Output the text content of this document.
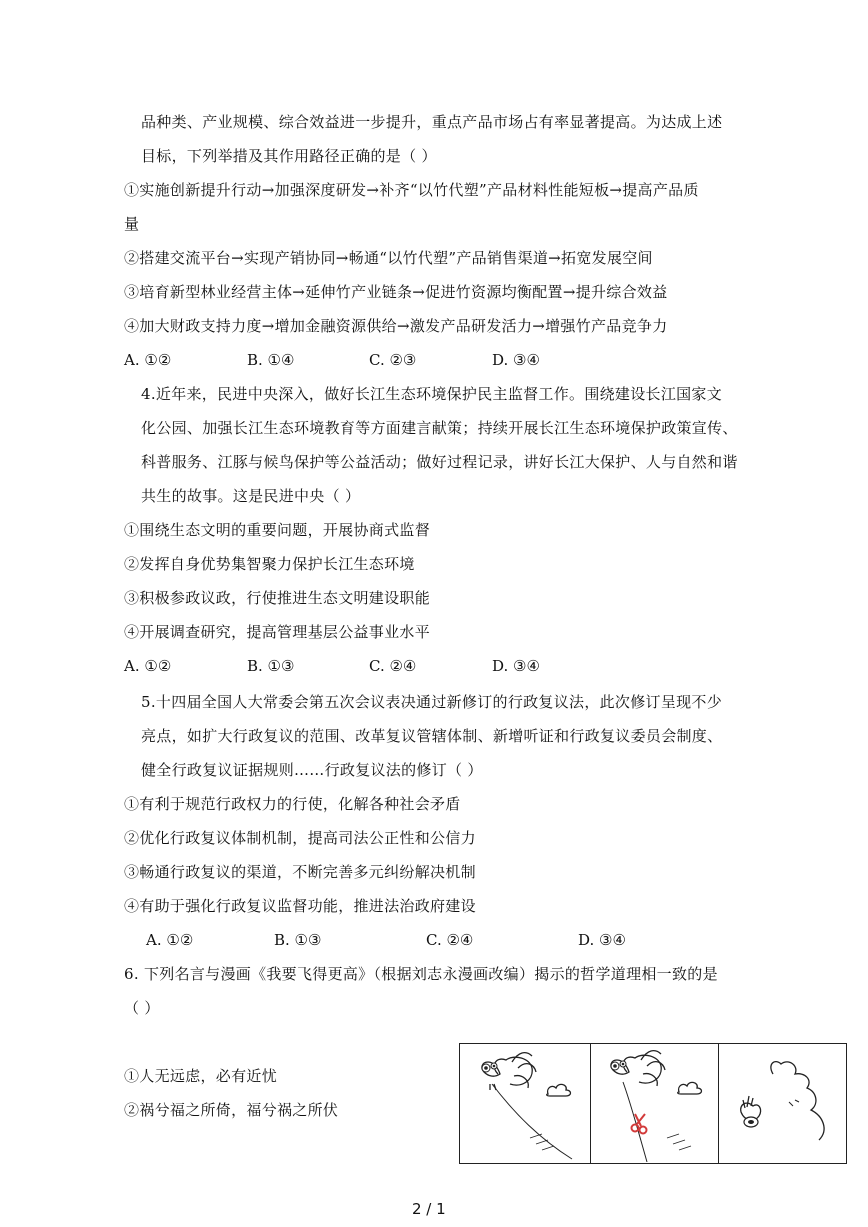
品种类、产业规模、综合效益进一步提升，重点产品市场占有率显著提高。为达成上述
目标，下列举措及其作用路径正确的是（ ）
①实施创新提升行动→加强深度研发→补齐“以竹代塑”产品材料性能短板→提高产品质
量
②搭建交流平台→实现产销协同→畅通“以竹代塑”产品销售渠道→拓宽发展空间
③培育新型林业经营主体→延伸竹产业链条→促进竹资源均衡配置→提升综合效益
④加大财政支持力度→增加金融资源供给→激发产品研发活力→增强竹产品竞争力
A. ①②	B. ①④	C. ②③	D. ③④
4.近年来，民进中央深入，做好长江生态环境保护民主监督工作。围绕建设长江国家文
化公园、加强长江生态环境教育等方面建言献策；持续开展长江生态环境保护政策宣传、
科普服务、江豚与候鸟保护等公益活动；做好过程记录，讲好长江大保护、人与自然和谐
共生的故事。这是民进中央（ ）
①围绕生态文明的重要问题，开展协商式监督
②发挥自身优势集智聚力保护长江生态环境
③积极参政议政，行使推进生态文明建设职能
④开展调查研究，提高管理基层公益事业水平
A. ①②	B. ①③	C. ②④	D. ③④
5.十四届全国人大常委会第五次会议表决通过新修订的行政复议法，此次修订呈现不少
亮点，如扩大行政复议的范围、改革复议管辖体制、新增听证和行政复议委员会制度、
健全行政复议证据规则……行政复议法的修订（ ）
①有利于规范行政权力的行使，化解各种社会矛盾
②优化行政复议体制机制，提高司法公正性和公信力
③畅通行政复议的渠道，不断完善多元纠纷解决机制
④有助于强化行政复议监督功能，推进法治政府建设
A. ①②	B. ①③	C. ②④	D. ③④
6. 下列名言与漫画《我要飞得更高》（根据刘志永漫画改编）揭示的哲学道理相一致的是
（ ）
①人无远虑，必有近忧
②祸兮福之所倚，福兮祸之所伏
2 / 1
